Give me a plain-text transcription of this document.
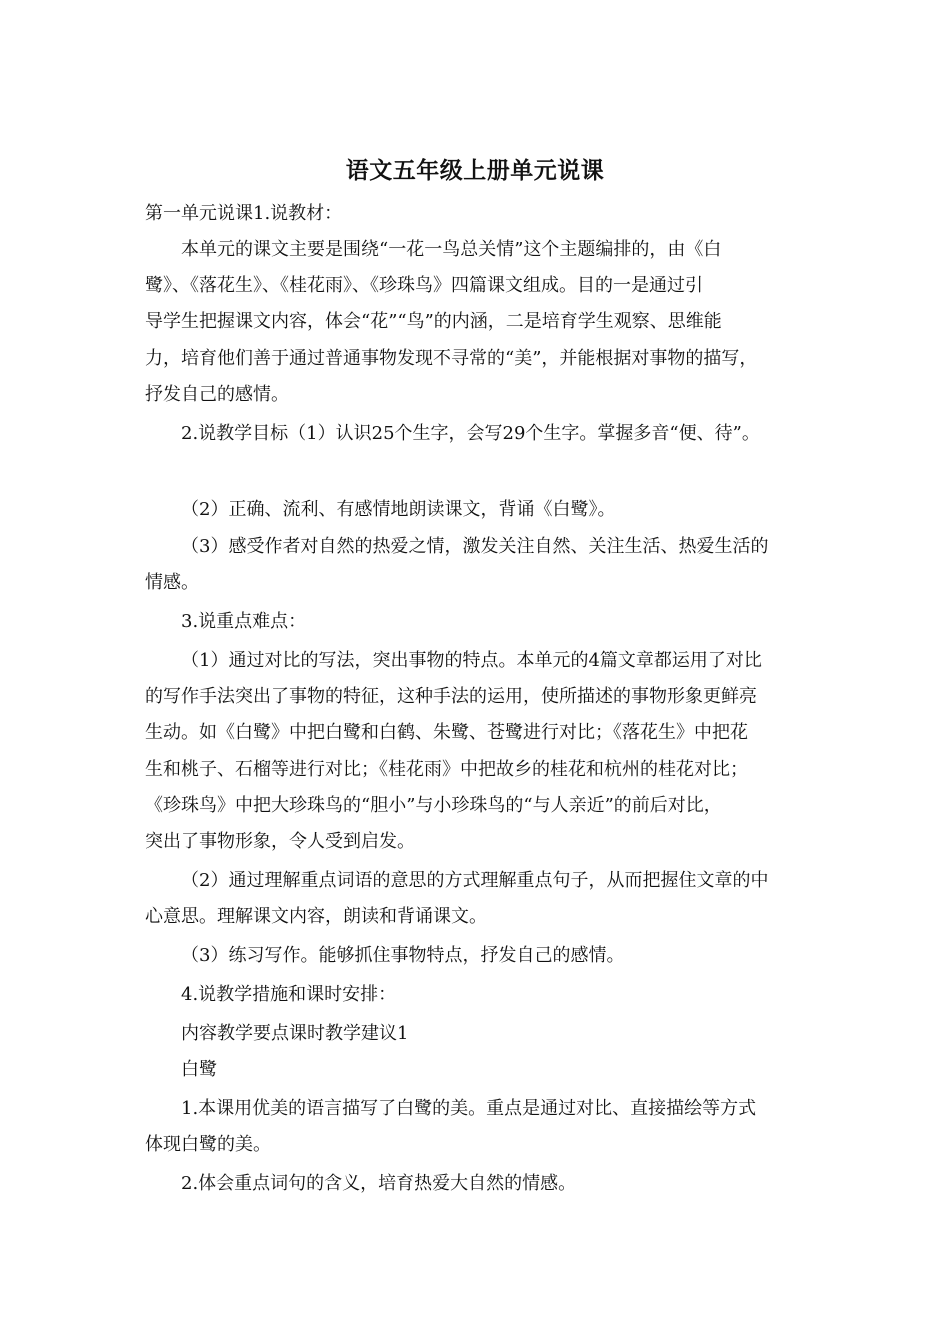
语文五年级上册单元说课
第一单元说课1.说教材：
本单元的课文主要是围绕“一花一鸟总关情”这个主题编排的，由《白
鹭》、《落花生》、《桂花雨》、《珍珠鸟》四篇课文组成。目的一是通过引
导学生把握课文内容，体会“花”“鸟”的内涵，二是培育学生观察、思维能
力，培育他们善于通过普通事物发现不寻常的“美”，并能根据对事物的描写，
抒发自己的感情。
2.说教学目标（1）认识25个生字，会写29个生字。掌握多音“便、待”。
（2）正确、流利、有感情地朗读课文，背诵《白鹭》。
（3）感受作者对自然的热爱之情，激发关注自然、关注生活、热爱生活的
情感。
3.说重点难点：
（1）通过对比的写法，突出事物的特点。本单元的4篇文章都运用了对比
的写作手法突出了事物的特征，这种手法的运用，使所描述的事物形象更鲜亮
生动。如《白鹭》中把白鹭和白鹤、朱鹭、苍鹭进行对比；《落花生》中把花
生和桃子、石榴等进行对比；《桂花雨》中把故乡的桂花和杭州的桂花对比；
《珍珠鸟》中把大珍珠鸟的“胆小”与小珍珠鸟的“与人亲近”的前后对比，
突出了事物形象，令人受到启发。
（2）通过理解重点词语的意思的方式理解重点句子，从而把握住文章的中
心意思。理解课文内容，朗读和背诵课文。
（3）练习写作。能够抓住事物特点，抒发自己的感情。
4.说教学措施和课时安排：
内容教学要点课时教学建议1
白鹭
1.本课用优美的语言描写了白鹭的美。重点是通过对比、直接描绘等方式
体现白鹭的美。
2.体会重点词句的含义，培育热爱大自然的情感。
